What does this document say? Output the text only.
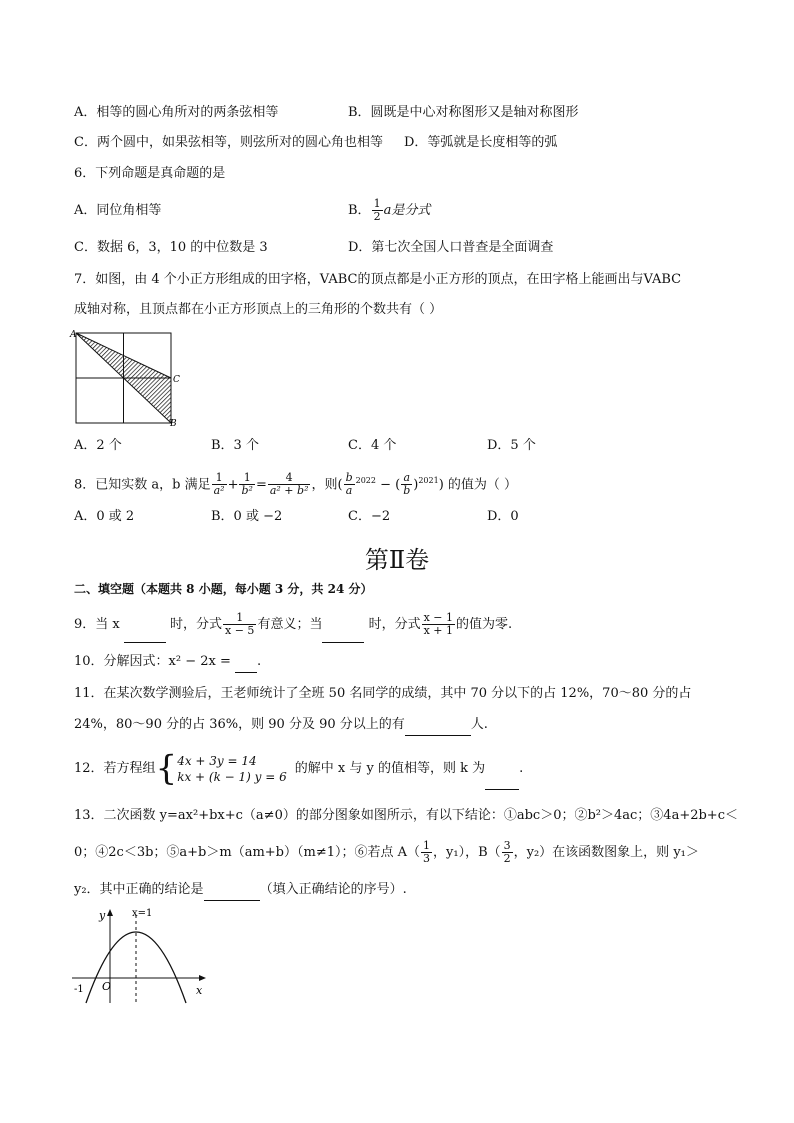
A．相等的圆心角所对的两条弦相等	B．圆既是中心对称图形又是轴对称图形
C．两个圆中，如果弦相等，则弦所对的圆心角也相等 D．等弧就是长度相等的弧
6．下列命题是真命题的是
A．同位角相等	B． $\frac{1}{2}$ a是分式
C．数据 6，3，10 的中位数是 3	D．第七次全国人口普查是全面调查
7．如图，由 4 个小正方形组成的田字格，VABC的顶点都是小正方形的顶点，在田字格上能画出与VABC
成轴对称，且顶点都在小正方形顶点上的三角形的个数共有（ ）
A
C
B
A．2 个	B．3 个	C．4 个	D．5 个
8．已知实数 a，b 满足 $\frac{1}{\text{a²}} + \frac{1}{\text{b²}} = \frac{4}{\text{a² + b²}}$ ，则( $\frac{b}{a} ^{2022}$ − ( $\frac{a}{b} )^{2021}$) 的值为（ ）
A．0 或 2	B．0 或 −2	C．−2	D．0
第Ⅱ卷
二、填空题（本题共 8 小题，每小题 3 分，共 24 分）
9．当 x	时，分式 $\frac{1}{x - 5}$ 有意义；当	时，分式 $\frac{x - 1}{x + 1}$ 的值为零.
10．分解因式：x² − 2x =  .
11．在某次数学测验后，王老师统计了全班 50 名同学的成绩，其中 70 分以下的占 12%，70～80 分的占
24%，80～90 分的占 36%，则 90 分及 90 分以上的有	人.
12．若方程组{ 4x + 3y = 14
kx + (k − 1) y = 6
的解中 x 与 y 的值相等，则 k 为	.
13．二次函数 y=ax²+bx+c（a≠0）的部分图象如图所示，有以下结论：①abc＞0；②b²＞4ac；③4a+2b+c＜
0；④2c＜3b；⑤a+b＞m（am+b）（m≠1）；⑥若点 $A( \frac{1}{3}$ ，y₁），$B( \frac{3}{2}$ ，y₂）在该函数图象上，则 y₁＞
y₂．其中正确的结论是	（填入正确结论的序号）.
y	x=1
x
O
-1
